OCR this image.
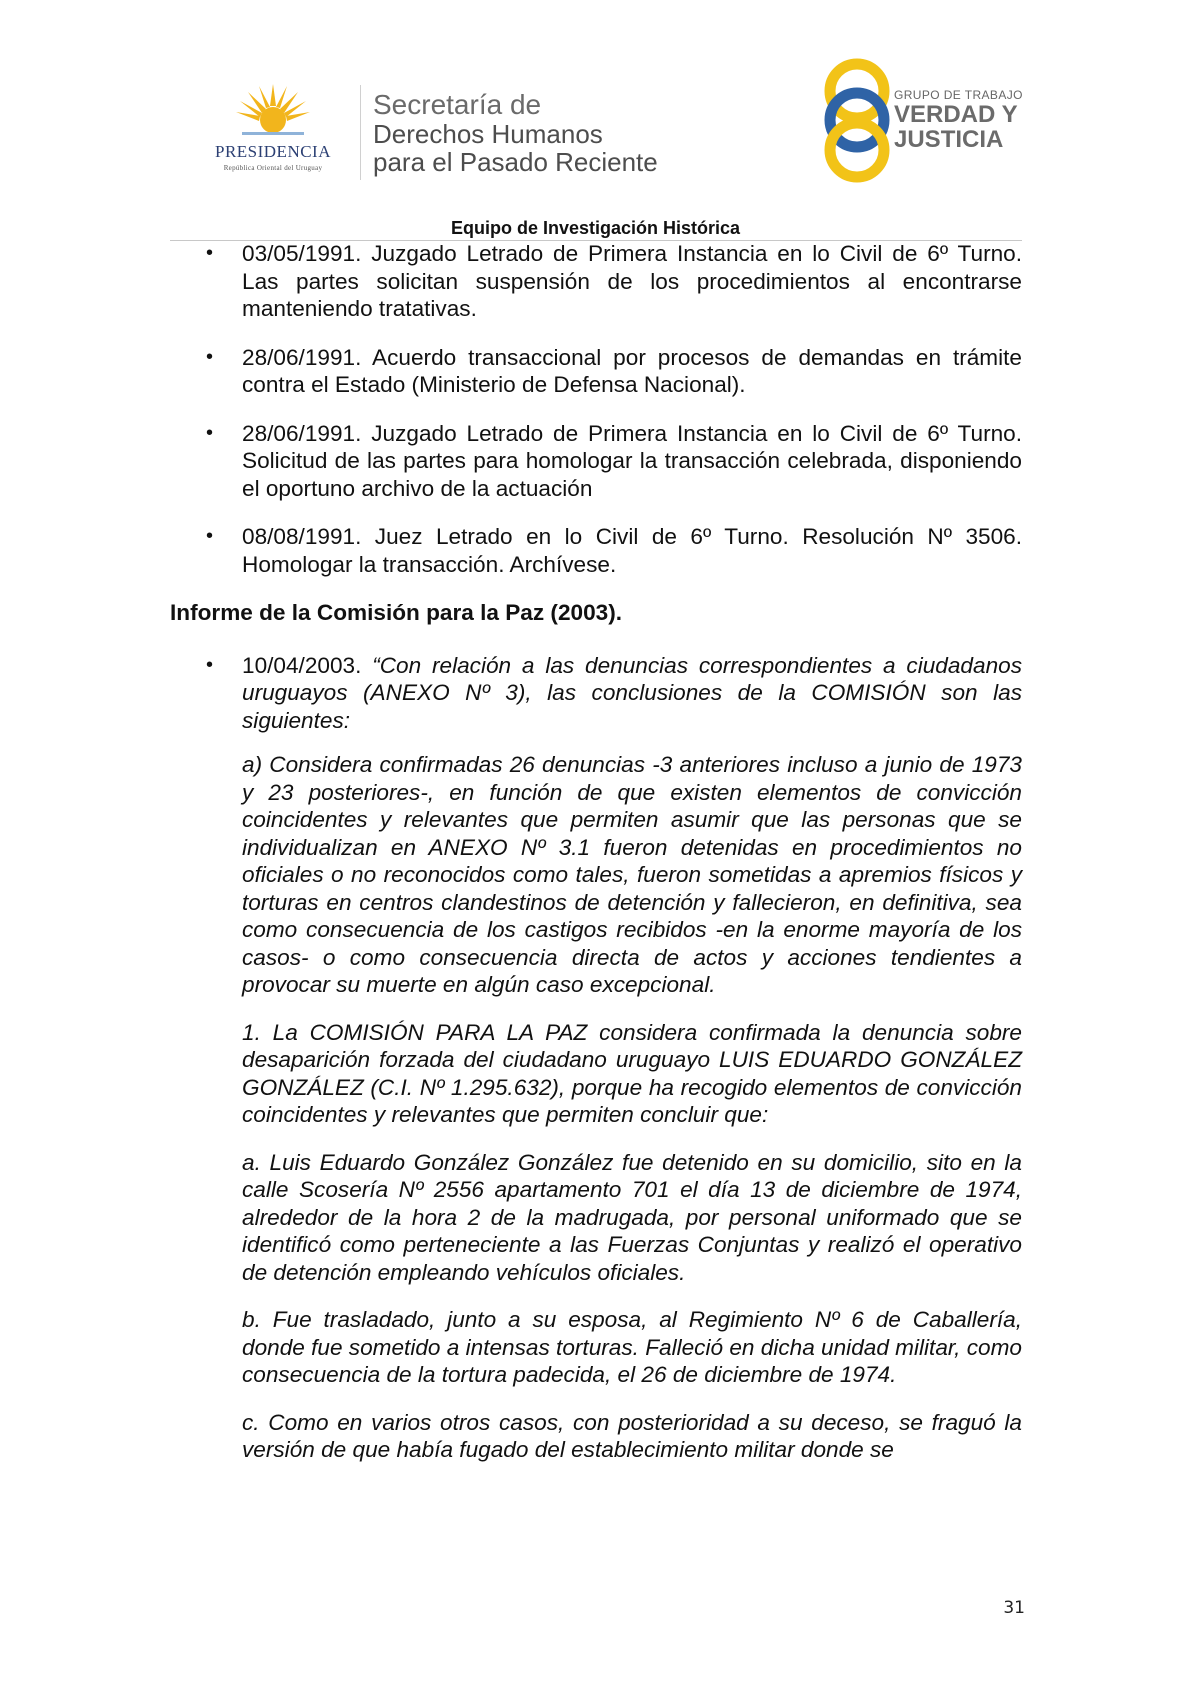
PRESIDENCIA
República Oriental del Uruguay
Secretaría de
Derechos Humanos
para el Pasado Reciente
GRUPO DE TRABAJO
VERDAD Y
JUSTICIA
Equipo de Investigación Histórica
• 03/05/1991. Juzgado Letrado de Primera Instancia en lo Civil de 6º Turno. Las partes solicitan suspensión de los procedimientos al encontrarse manteniendo tratativas.
• 28/06/1991. Acuerdo transaccional por procesos de demandas en trámite contra el Estado (Ministerio de Defensa Nacional).
• 28/06/1991. Juzgado Letrado de Primera Instancia en lo Civil de 6º Turno. Solicitud de las partes para homologar la transacción celebrada, disponiendo el oportuno archivo de la actuación
• 08/08/1991. Juez Letrado en lo Civil de 6º Turno. Resolución Nº 3506. Homologar la transacción. Archívese.
Informe de la Comisión para la Paz (2003).
• 10/04/2003. “Con relación a las denuncias correspondientes a ciudadanos uruguayos (ANEXO Nº 3), las conclusiones de la COMISIÓN son las siguientes:
a) Considera confirmadas 26 denuncias -3 anteriores incluso a junio de 1973 y 23 posteriores-, en función de que existen elementos de convicción coincidentes y relevantes que permiten asumir que las personas que se individualizan en ANEXO Nº 3.1 fueron detenidas en procedimientos no oficiales o no reconocidos como tales, fueron sometidas a apremios físicos y torturas en centros clandestinos de detención y fallecieron, en definitiva, sea como consecuencia de los castigos recibidos -en la enorme mayoría de los casos- o como consecuencia directa de actos y acciones tendientes a provocar su muerte en algún caso excepcional.
1. La COMISIÓN PARA LA PAZ considera confirmada la denuncia sobre desaparición forzada del ciudadano uruguayo LUIS EDUARDO GONZÁLEZ GONZÁLEZ (C.I. Nº 1.295.632), porque ha recogido elementos de convicción coincidentes y relevantes que permiten concluir que:
a. Luis Eduardo González González fue detenido en su domicilio, sito en la calle Scosería Nº 2556 apartamento 701 el día 13 de diciembre de 1974, alrededor de la hora 2 de la madrugada, por personal uniformado que se identificó como perteneciente a las Fuerzas Conjuntas y realizó el operativo de detención empleando vehículos oficiales.
b. Fue trasladado, junto a su esposa, al Regimiento Nº 6 de Caballería, donde fue sometido a intensas torturas. Falleció en dicha unidad militar, como consecuencia de la tortura padecida, el 26 de diciembre de 1974.
c. Como en varios otros casos, con posterioridad a su deceso, se fraguó la versión de que había fugado del establecimiento militar donde se
31
